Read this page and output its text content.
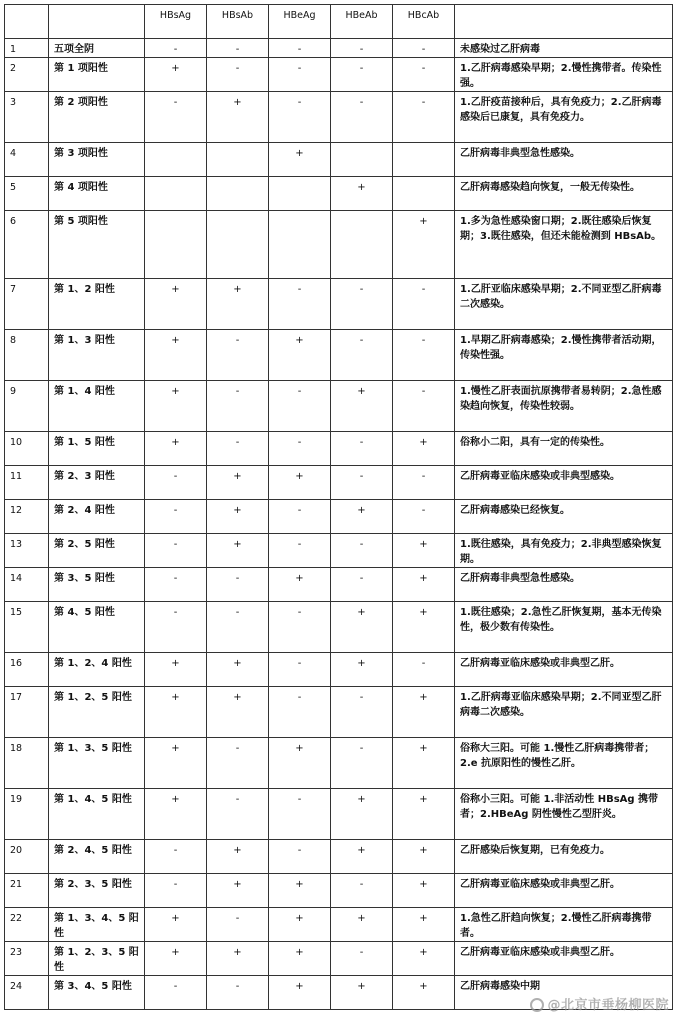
		HBsAg	HBsAb	HBeAg	HBeAb	HBcAb	
1	五项全阴	-	-	-	-	-	未感染过乙肝病毒
2	第 1 项阳性	+	-	-	-	-	1.乙肝病毒感染早期；2.慢性携带者。传染性强。
3	第 2 项阳性	-	+	-	-	-	1.乙肝疫苗接种后，具有免疫力；2.乙肝病毒感染后已康复，具有免疫力。
4	第 3 项阳性			+			乙肝病毒非典型急性感染。
5	第 4 项阳性				+		乙肝病毒感染趋向恢复，一般无传染性。
6	第 5 项阳性					+	1.多为急性感染窗口期；2.既往感染后恢复期；3.既往感染，但还未能检测到 HBsAb。
7	第 1、2 阳性	+	+	-	-	-	1.乙肝亚临床感染早期；2.不同亚型乙肝病毒二次感染。
8	第 1、3 阳性	+	-	+	-	-	1.早期乙肝病毒感染；2.慢性携带者活动期，传染性强。
9	第 1、4 阳性	+	-	-	+	-	1.慢性乙肝表面抗原携带者易转阴；2.急性感染趋向恢复，传染性较弱。
10	第 1、5 阳性	+	-	-	-	+	俗称小二阳，具有一定的传染性。
11	第 2、3 阳性	-	+	+	-	-	乙肝病毒亚临床感染或非典型感染。
12	第 2、4 阳性	-	+	-	+	-	乙肝病毒感染已经恢复。
13	第 2、5 阳性	-	+	-	-	+	1.既往感染，具有免疫力；2.非典型感染恢复期。
14	第 3、5 阳性	-	-	+	-	+	乙肝病毒非典型急性感染。
15	第 4、5 阳性	-	-	-	+	+	1.既往感染；2.急性乙肝恢复期，基本无传染性，极少数有传染性。
16	第 1、2、4 阳性	+	+	-	+	-	乙肝病毒亚临床感染或非典型乙肝。
17	第 1、2、5 阳性	+	+	-	-	+	1.乙肝病毒亚临床感染早期；2.不同亚型乙肝病毒二次感染。
18	第 1、3、5 阳性	+	-	+	-	+	俗称大三阳。可能 1.慢性乙肝病毒携带者；2.e 抗原阳性的慢性乙肝。
19	第 1、4、5 阳性	+	-	-	+	+	俗称小三阳。可能 1.非活动性 HBsAg 携带者；2.HBeAg 阴性慢性乙型肝炎。
20	第 2、4、5 阳性	-	+	-	+	+	乙肝感染后恢复期，已有免疫力。
21	第 2、3、5 阳性	-	+	+	-	+	乙肝病毒亚临床感染或非典型乙肝。
22	第 1、3、4、5 阳性	+	-	+	+	+	1.急性乙肝趋向恢复；2.慢性乙肝病毒携带者。
23	第 1、2、3、5 阳性	+	+	+	-	+	乙肝病毒亚临床感染或非典型乙肝。
24	第 3、4、5 阳性	-	-	+	+	+	乙肝病毒感染中期
@北京市垂杨柳医院
